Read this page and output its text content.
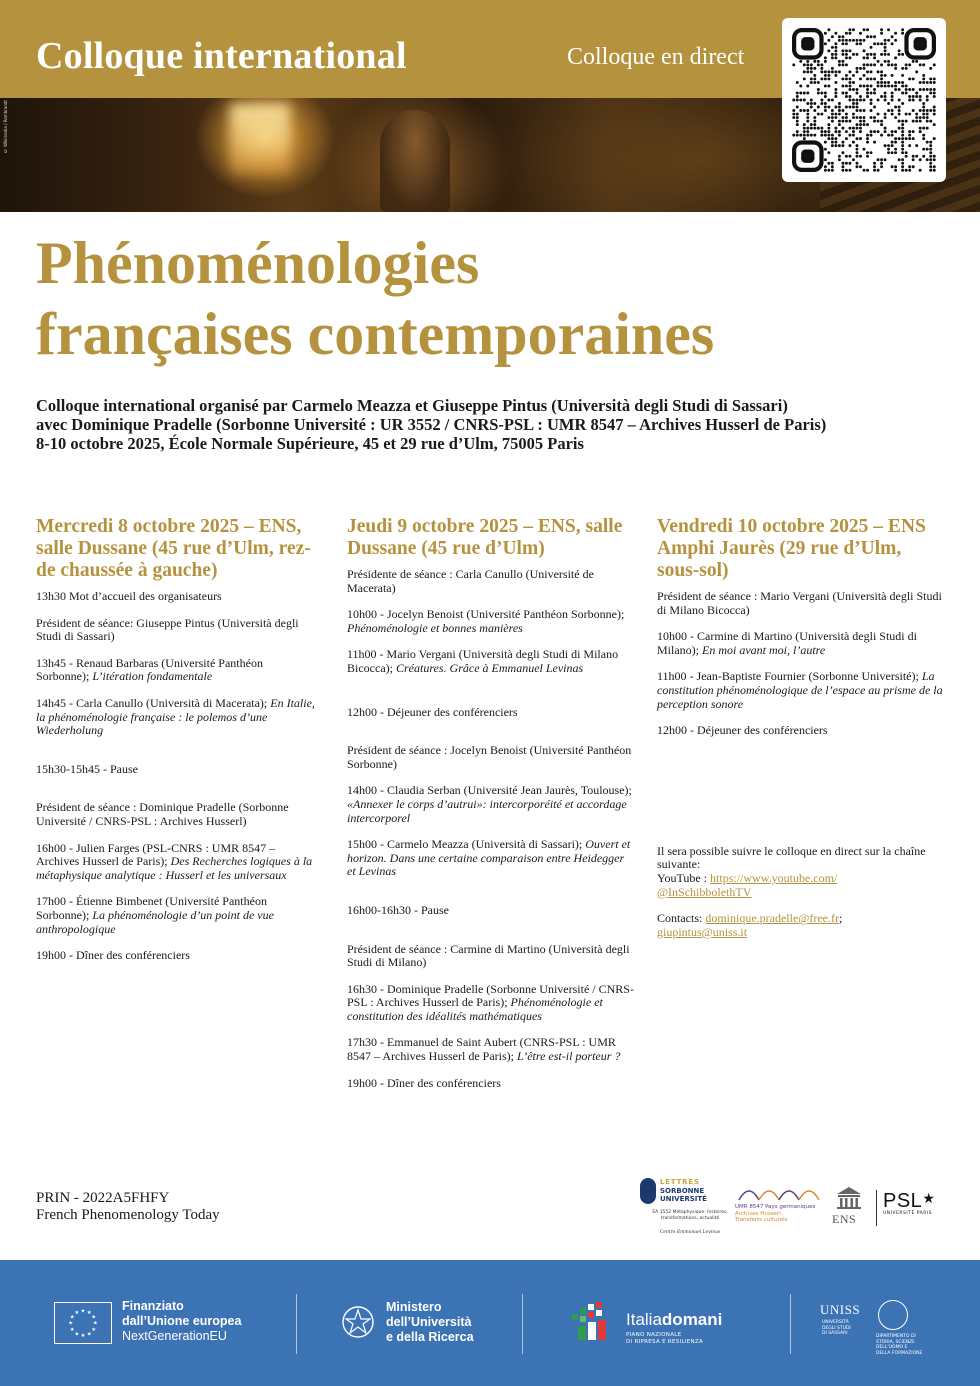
Colloque international	Colloque en direct
© Wikimedia / Rembrandt
Phénoménologies
françaises contemporaines
Colloque international organisé par Carmelo Meazza et Giuseppe Pintus (Università degli Studi di Sassari)
avec Dominique Pradelle (Sorbonne Université : UR 3552 / CNRS-PSL : UMR 8547 – Archives Husserl de Paris)
8-10 octobre 2025, École Normale Supérieure, 45 et 29 rue d’Ulm, 75005 Paris
Mercredi 8 octobre 2025 – ENS, salle Dussane (45 rue d’Ulm, rez-de chaussée à gauche)
13h30 Mot d’accueil des organisateurs
Président de séance: Giuseppe Pintus (Università degli Studi di Sassari)
13h45 - Renaud Barbaras (Université Panthéon Sorbonne); L’itération fondamentale
14h45 - Carla Canullo (Università di Macerata); En Italie, la phénoménologie française : le polemos d’une Wiederholung
15h30-15h45 - Pause
Président de séance : Dominique Pradelle (Sorbonne Université / CNRS-PSL : Archives Husserl)
16h00 - Julien Farges (PSL-CNRS : UMR 8547 – Archives Husserl de Paris); Des Recherches logiques à la métaphysique analytique : Husserl et les universaux
17h00 - Étienne Bimbenet (Université Panthéon Sorbonne); La phénoménologie d’un point de vue anthropologique
19h00 - Dîner des conférenciers
Jeudi 9 octobre 2025 – ENS, salle Dussane (45 rue d’Ulm)
Présidente de séance : Carla Canullo (Université de Macerata)
10h00 - Jocelyn Benoist (Université Panthéon Sorbonne); Phénoménologie et bonnes manières
11h00 - Mario Vergani (Università degli Studi di Milano Bicocca); Créatures. Grâce à Emmanuel Levinas
12h00 - Déjeuner des conférenciers
Président de séance : Jocelyn Benoist (Université Panthéon Sorbonne)
14h00 - Claudia Serban (Université Jean Jaurès, Toulouse); «Annexer le corps d’autrui»: intercorporéité et accordage intercorporel
15h00 - Carmelo Meazza (Università di Sassari); Ouvert et horizon. Dans une certaine comparaison entre Heidegger et Levinas
16h00-16h30 - Pause
Président de séance : Carmine di Martino (Università degli Studi di Milano)
16h30 - Dominique Pradelle (Sorbonne Université / CNRS-PSL : Archives Husserl de Paris); Phénoménologie et constitution des idéalités mathématiques
17h30 - Emmanuel de Saint Aubert (CNRS-PSL : UMR 8547 – Archives Husserl de Paris); L’être est-il porteur ?
19h00 - Dîner des conférenciers
Vendredi 10 octobre 2025 – ENS Amphi Jaurès (29 rue d’Ulm, sous-sol)
Président de séance : Mario Vergani (Università degli Studi di Milano Bicocca)
10h00 - Carmine di Martino (Università degli Studi di Milano); En moi avant moi, l’autre
11h00 - Jean-Baptiste Fournier (Sorbonne Université); La constitution phénoménologique de l’espace au prisme de la perception sonore
12h00 - Déjeuner des conférenciers
Il sera possible suivre le colloque en direct sur la chaîne suivante:
YouTube : https://www.youtube.com/
@InSchibbolethTV
Contacts: dominique.pradelle@free.fr;
giupintus@uniss.it
PRIN - 2022A5FHFY
French Phenomenology Today
LETTRES
SORBONNE
UNIVERSITÉ
EA 3552 Métaphysique: histoires, transformations, actualité
Centre Emmanuel Levinas
UMR 8547 Pays germaniques
Archives Husserl
Transferts culturels	ENS
PSL★
UNIVERSITÉ PARIS
★ ★
★
★
★
★
★
★
★
★
★
★	Finanziato
dall’Unione europea
NextGenerationEU
Ministero
dell’Università
e della Ricerca
Italiadomani
PIANO NAZIONALE
DI RIPRESA E RESILIENZA
UNISS
UNIVERSITÀ
DEGLI STUDI
DI SASSARI
DIPARTIMENTO DI
STORIA, SCIENZE
DELL’UOMO E
DELLA FORMAZIONE
